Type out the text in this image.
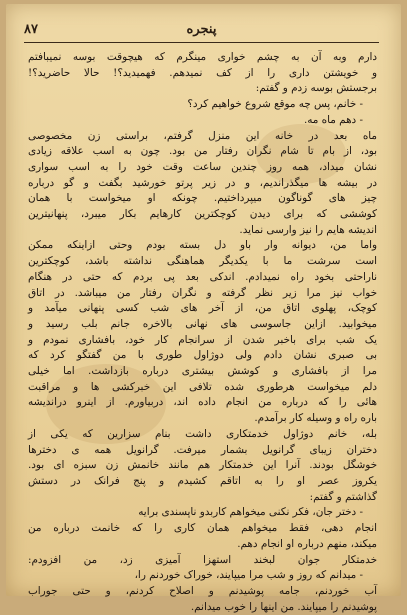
۸۷	پنجره
دارم وبه آن به چشم خواری مینگرم که هیچوقت بوسه نمیبافتم
و خویشتن داری را از کف نمیدهم. فهمیدید؟! حالا حاضرید؟!
برجستش بوسه زدم و گفتم:
- خانم، پس چه موقع شروع خواهیم کرد؟
- دهم ماه مه.
ماه بعد در خانه این منزل گرفتم، براستی زن مخصوصی
بود، از بام تا شام نگران رفتار من بود. چون به اسب علاقه زیادی
نشان میداد، همه روز چندین ساعت وقت خود را به اسب سواری
در بیشه ها میگذراندیم، و در زیر پرتو خورشید بگفت و گو درباره
چیز های گوناگون میپرداختیم. چونکه او میخواست با همان
کوششی که برای دیدن کوچکترین کارهایم بکار میبرد، پنهانیترین
اندیشه هایم را نیز وارسی نماید.
واما من، دیوانه وار باو دل بسته بودم وحتی ازاینکه ممکن
است سرشت ما با یکدیگر هماهنگی نداشته باشد، کوچکترین
ناراحتی بخود راه نمیدادم. اندکی بعد پی بردم که حتی در هنگام
خواب نیز مرا زیر نظر گرفته و نگران رفتار من میباشد. در اتاق
کوچک، پهلوی اتاق من، از آخر های شب کسی پنهانی میآمد و
میخوابید. ازاین جاسوسی های نهانی بالاخره جانم بلب رسید و
یک شب برای باخبر شدن از سرانجام کار خود، بافشاری نمودم و
بی صبری نشان دادم ولی دوژاول طوری با من گفتگو کرد که
مرا از بافشاری و کوشش بیشتری درباره بازداشت. اما خیلی
دلم میخواست هرطوری شده تلافی این خبرکشی ها و مراقبت
هائی را که درباره من انجام داده اند، دربیاورم. از اینرو دراندیشه
باره راه و وسیله کار برآمدم.
بله، خانم دوژاول خدمتکاری داشت بنام سزارین که یکی از
دختران زیبای گرانویل بشمار میرفت. گرانویل همه ی دخترها
خوشگل بودند. آنرا این خدمتکار هم مانند خانمش زن سبزه ای بود.
یکروز عصر او را به اتاقم کشیدم و پنج فرانک در دستش
گذاشتم و گفتم:
- دختر جان، فکر نکنی میخواهم کاربدو ناپسندی برایه
انجام دهی، فقط میخواهم همان کاری را که خانمت درباره من
میکند، منهم درباره او انجام دهم.
خدمتکار جوان لبخند استهزا آمیزی زد، من افزودم:
- میدانم که روز و شب مرا میپایند، خوراک خوردنم را،
آب خوردنم، جامه پوشیدنم و اصلاح کردنم، و حتی جوراب
پوشیدنم را میپایند. من اینها را خوب میدانم.
